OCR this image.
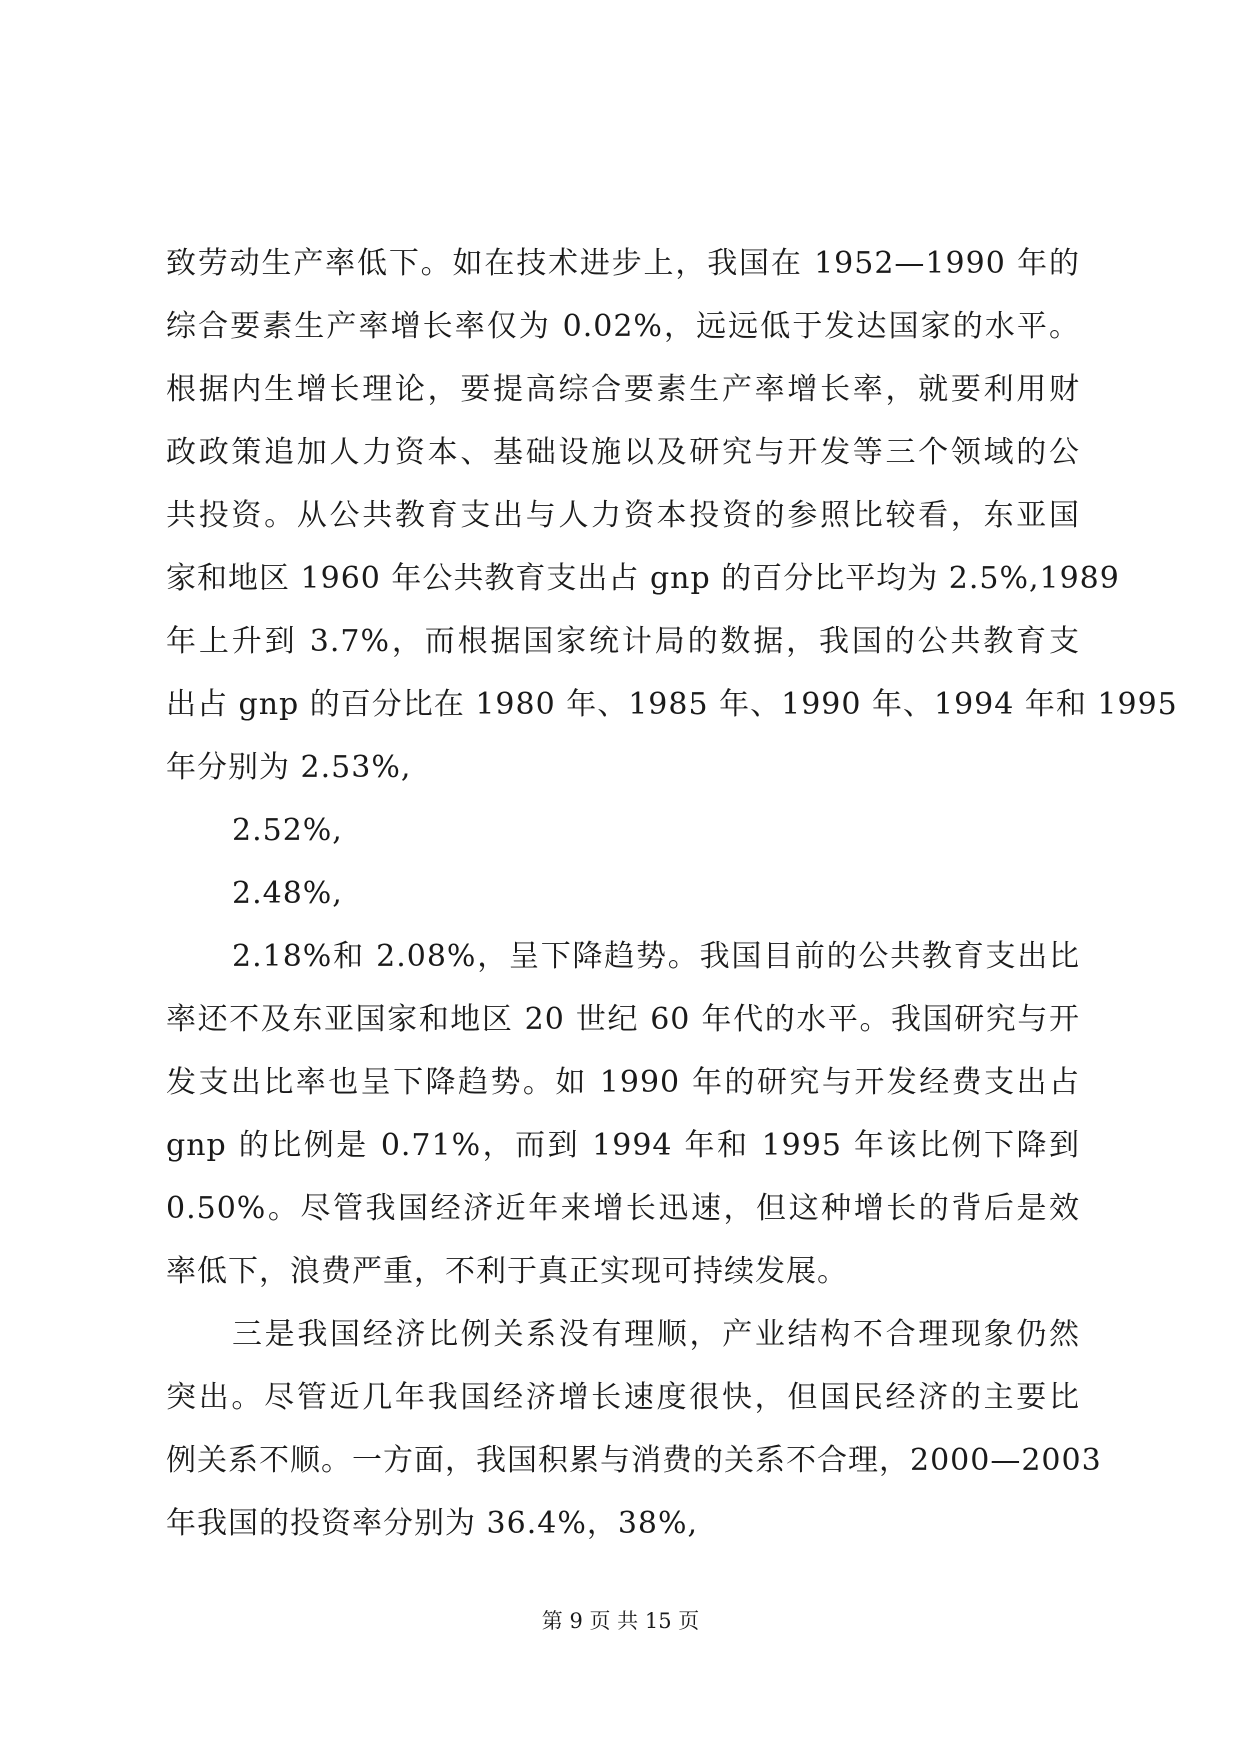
致劳动生产率低下。如在技术进步上，我国在 1952—1990 年的
综合要素生产率增长率仅为 0.02%，远远低于发达国家的水平。
根据内生增长理论，要提高综合要素生产率增长率，就要利用财
政政策追加人力资本、基础设施以及研究与开发等三个领域的公
共投资。从公共教育支出与人力资本投资的参照比较看，东亚国
家和地区 1960 年公共教育支出占 gnp 的百分比平均为 2.5%,1989
年上升到 3.7%，而根据国家统计局的数据，我国的公共教育支
出占 gnp 的百分比在 1980 年、1985 年、1990 年、1994 年和 1995
年分别为 2.53%,
2.52%,
2.48%,
2.18%和 2.08%，呈下降趋势。我国目前的公共教育支出比
率还不及东亚国家和地区 20 世纪 60 年代的水平。我国研究与开
发支出比率也呈下降趋势。如 1990 年的研究与开发经费支出占
gnp 的比例是 0.71%，而到 1994 年和 1995 年该比例下降到
0.50%。尽管我国经济近年来增长迅速，但这种增长的背后是效
率低下，浪费严重，不利于真正实现可持续发展。
三是我国经济比例关系没有理顺，产业结构不合理现象仍然
突出。尽管近几年我国经济增长速度很快，但国民经济的主要比
例关系不顺。一方面，我国积累与消费的关系不合理，2000—2003
年我国的投资率分别为 36.4%，38%,
第 9 页 共 15 页
